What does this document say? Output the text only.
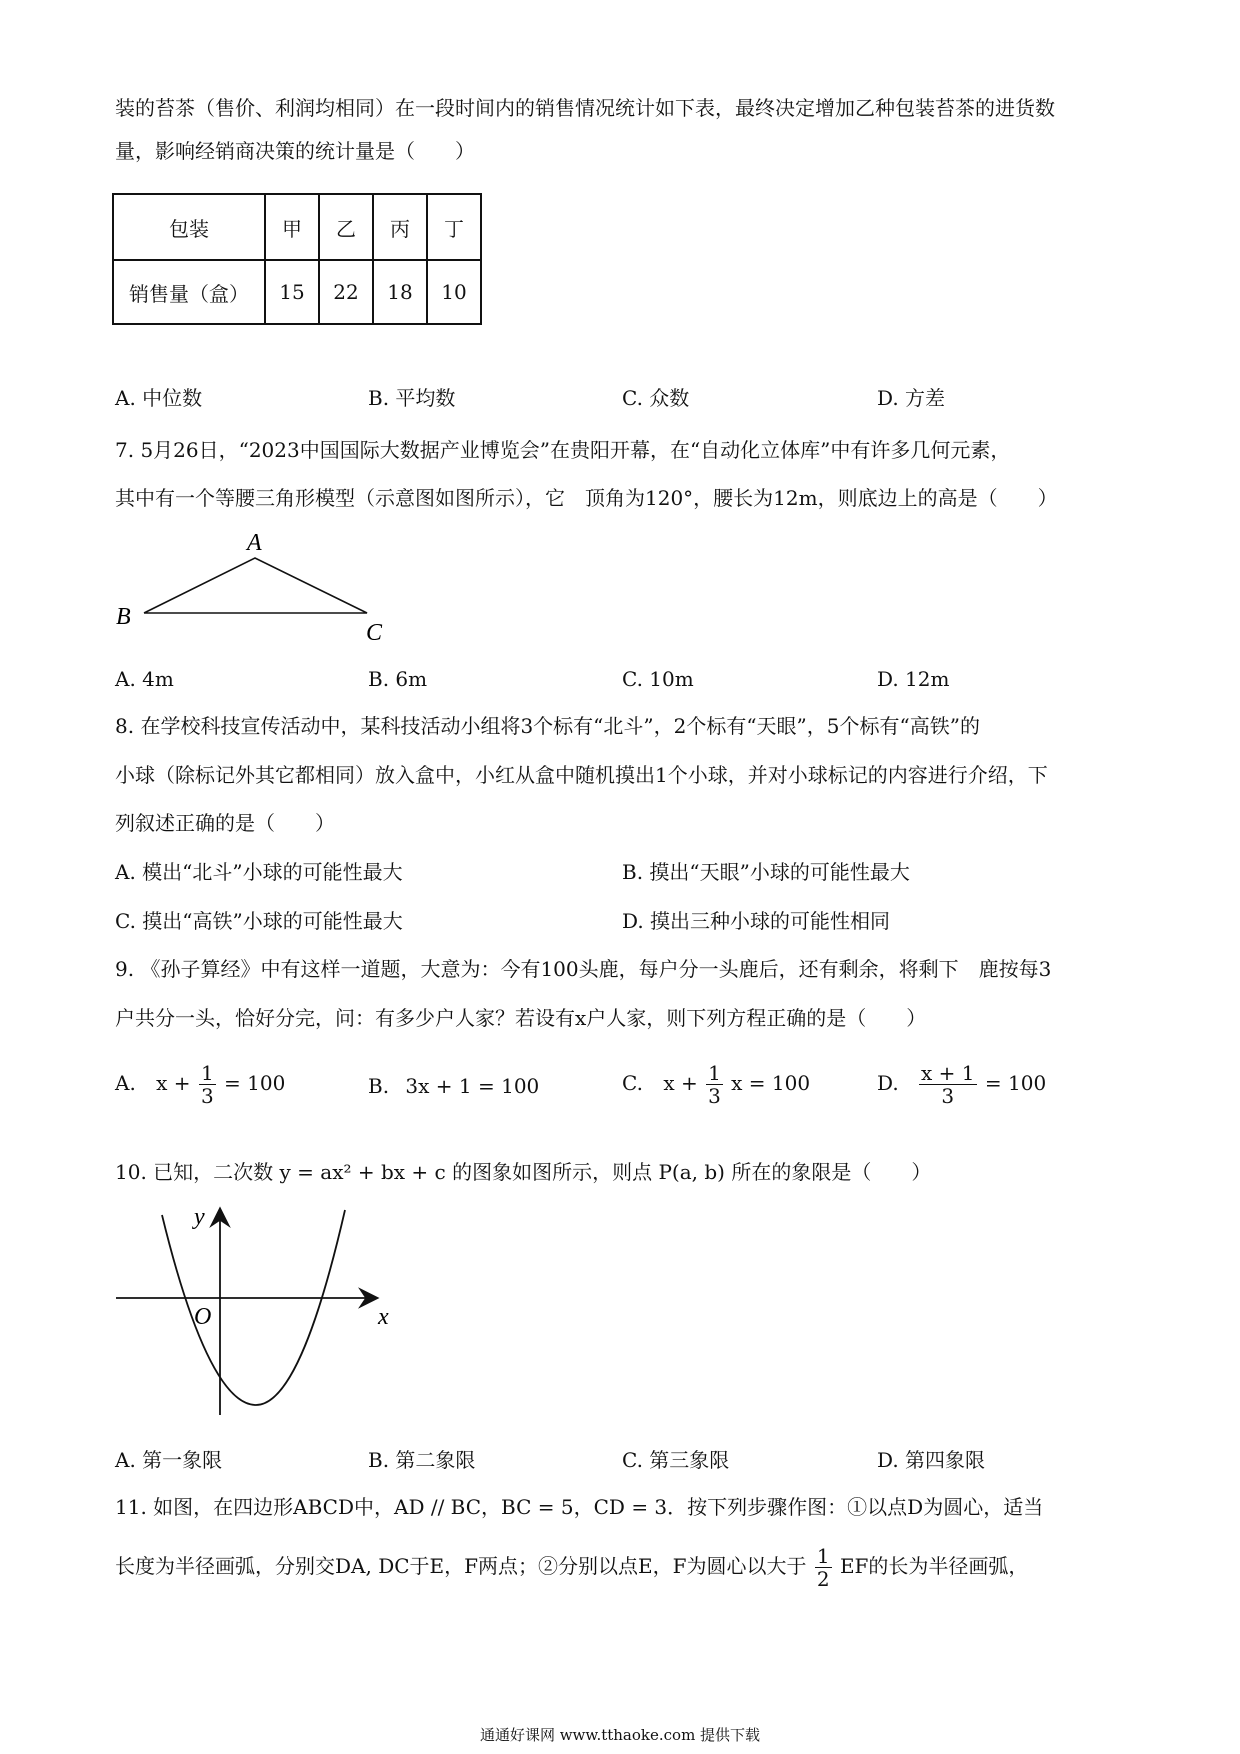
装的苔茶（售价、利润均相同）在一段时间内的销售情况统计如下表，最终决定增加乙种包装苔茶的进货数
量，影响经销商决策的统计量是（　　）
包装	甲	乙	丙	丁
销售量（盒）	15	22	18	10
A. 中位数	B. 平均数	C. 众数	D. 方差
7. 5月26日，“2023中国国际大数据产业博览会”在贵阳开幕，在“自动化立体库”中有许多几何元素，
其中有一个等腰三角形模型（示意图如图所示），它　顶角为120°，腰长为12m，则底边上的高是（　　）
A
B
C
A. 4m	B. 6m	C. 10m	D. 12m
8. 在学校科技宣传活动中，某科技活动小组将3个标有“北斗”，2个标有“天眼”，5个标有“高铁”的
小球（除标记外其它都相同）放入盒中，小红从盒中随机摸出1个小球，并对小球标记的内容进行介绍，下
列叙述正确的是（　　）
A. 模出“北斗”小球的可能性最大	B. 摸出“天眼”小球的可能性最大
C. 摸出“高铁”小球的可能性最大	D. 摸出三种小球的可能性相同
9. 《孙子算经》中有这样一道题，大意为：今有100头鹿，每户分一头鹿后，还有剩余，将剩下　鹿按每3
户共分一头，恰好分完，问：有多少户人家？若设有x户人家，则下列方程正确的是（　　）
A. $x + \frac{1}{3} = 100$	B. 3x + 1 = 100	C. $x + \frac{1}{3}$ x = 100	D. $\frac{x + 1}{3} = 100$
10. 已知，二次数 y = ax² + bx + c 的图象如图所示，则点 P(a, b) 所在的象限是（　　）
y
O	x
A. 第一象限	B. 第二象限	C. 第三象限	D. 第四象限
11. 如图，在四边形ABCD中，AD // BC，BC = 5，CD = 3．按下列步骤作图：①以点D为圆心，适当
长度为半径画弧，分别交DA, DC于E，F两点；②分别以点E，F为圆心以大于 $\frac{1}{2}$ EF的长为半径画弧，
通通好课网 www.tthaoke.com 提供下载
